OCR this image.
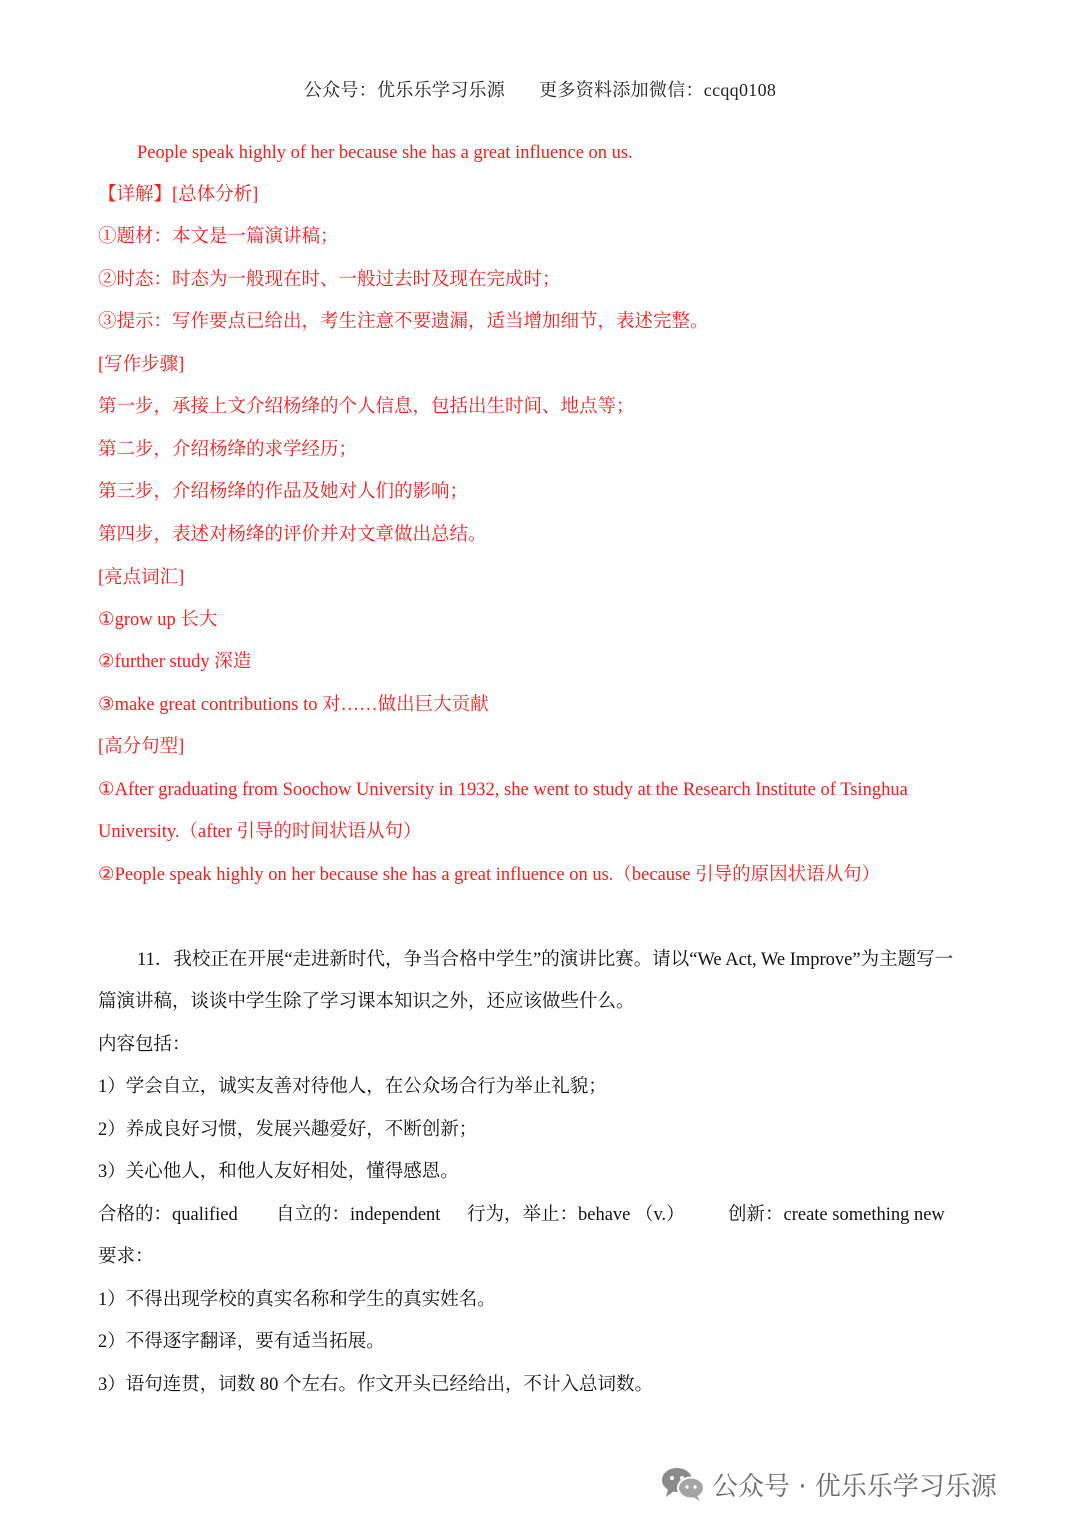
公众号：优乐乐学习乐源 更多资料添加微信：ccqq0108
People speak highly of her because she has a great influence on us.
【详解】[总体分析]
①题材：本文是一篇演讲稿；
②时态：时态为一般现在时、一般过去时及现在完成时；
③提示：写作要点已给出，考生注意不要遗漏，适当增加细节，表述完整。
[写作步骤]
第一步，承接上文介绍杨绛的个人信息，包括出生时间、地点等；
第二步，介绍杨绛的求学经历；
第三步，介绍杨绛的作品及她对人们的影响；
第四步，表述对杨绛的评价并对文章做出总结。
[亮点词汇]
①grow up 长大
②further study 深造
③make great contributions to 对……做出巨大贡献
[高分句型]
①After graduating from Soochow University in 1932, she went to study at the Research Institute of Tsinghua
University.（after 引导的时间状语从句）
②People speak highly on her because she has a great influence on us.（because 引导的原因状语从句）
11．我校正在开展“走进新时代，争当合格中学生”的演讲比赛。请以“We Act, We Improve”为主题写一
篇演讲稿，谈谈中学生除了学习课本知识之外，还应该做些什么。
内容包括：
1）学会自立，诚实友善对待他人，在公众场合行为举止礼貌；
2）养成良好习惯，发展兴趣爱好，不断创新；
3）关心他人，和他人友好相处，懂得感恩。
合格的：qualified 自立的：independent 行为，举止：behave （v.） 创新：create something new
要求：
1）不得出现学校的真实名称和学生的真实姓名。
2）不得逐字翻译，要有适当拓展。
3）语句连贯，词数 80 个左右。作文开头已经给出，不计入总词数。
公众号 · 优乐乐学习乐源
